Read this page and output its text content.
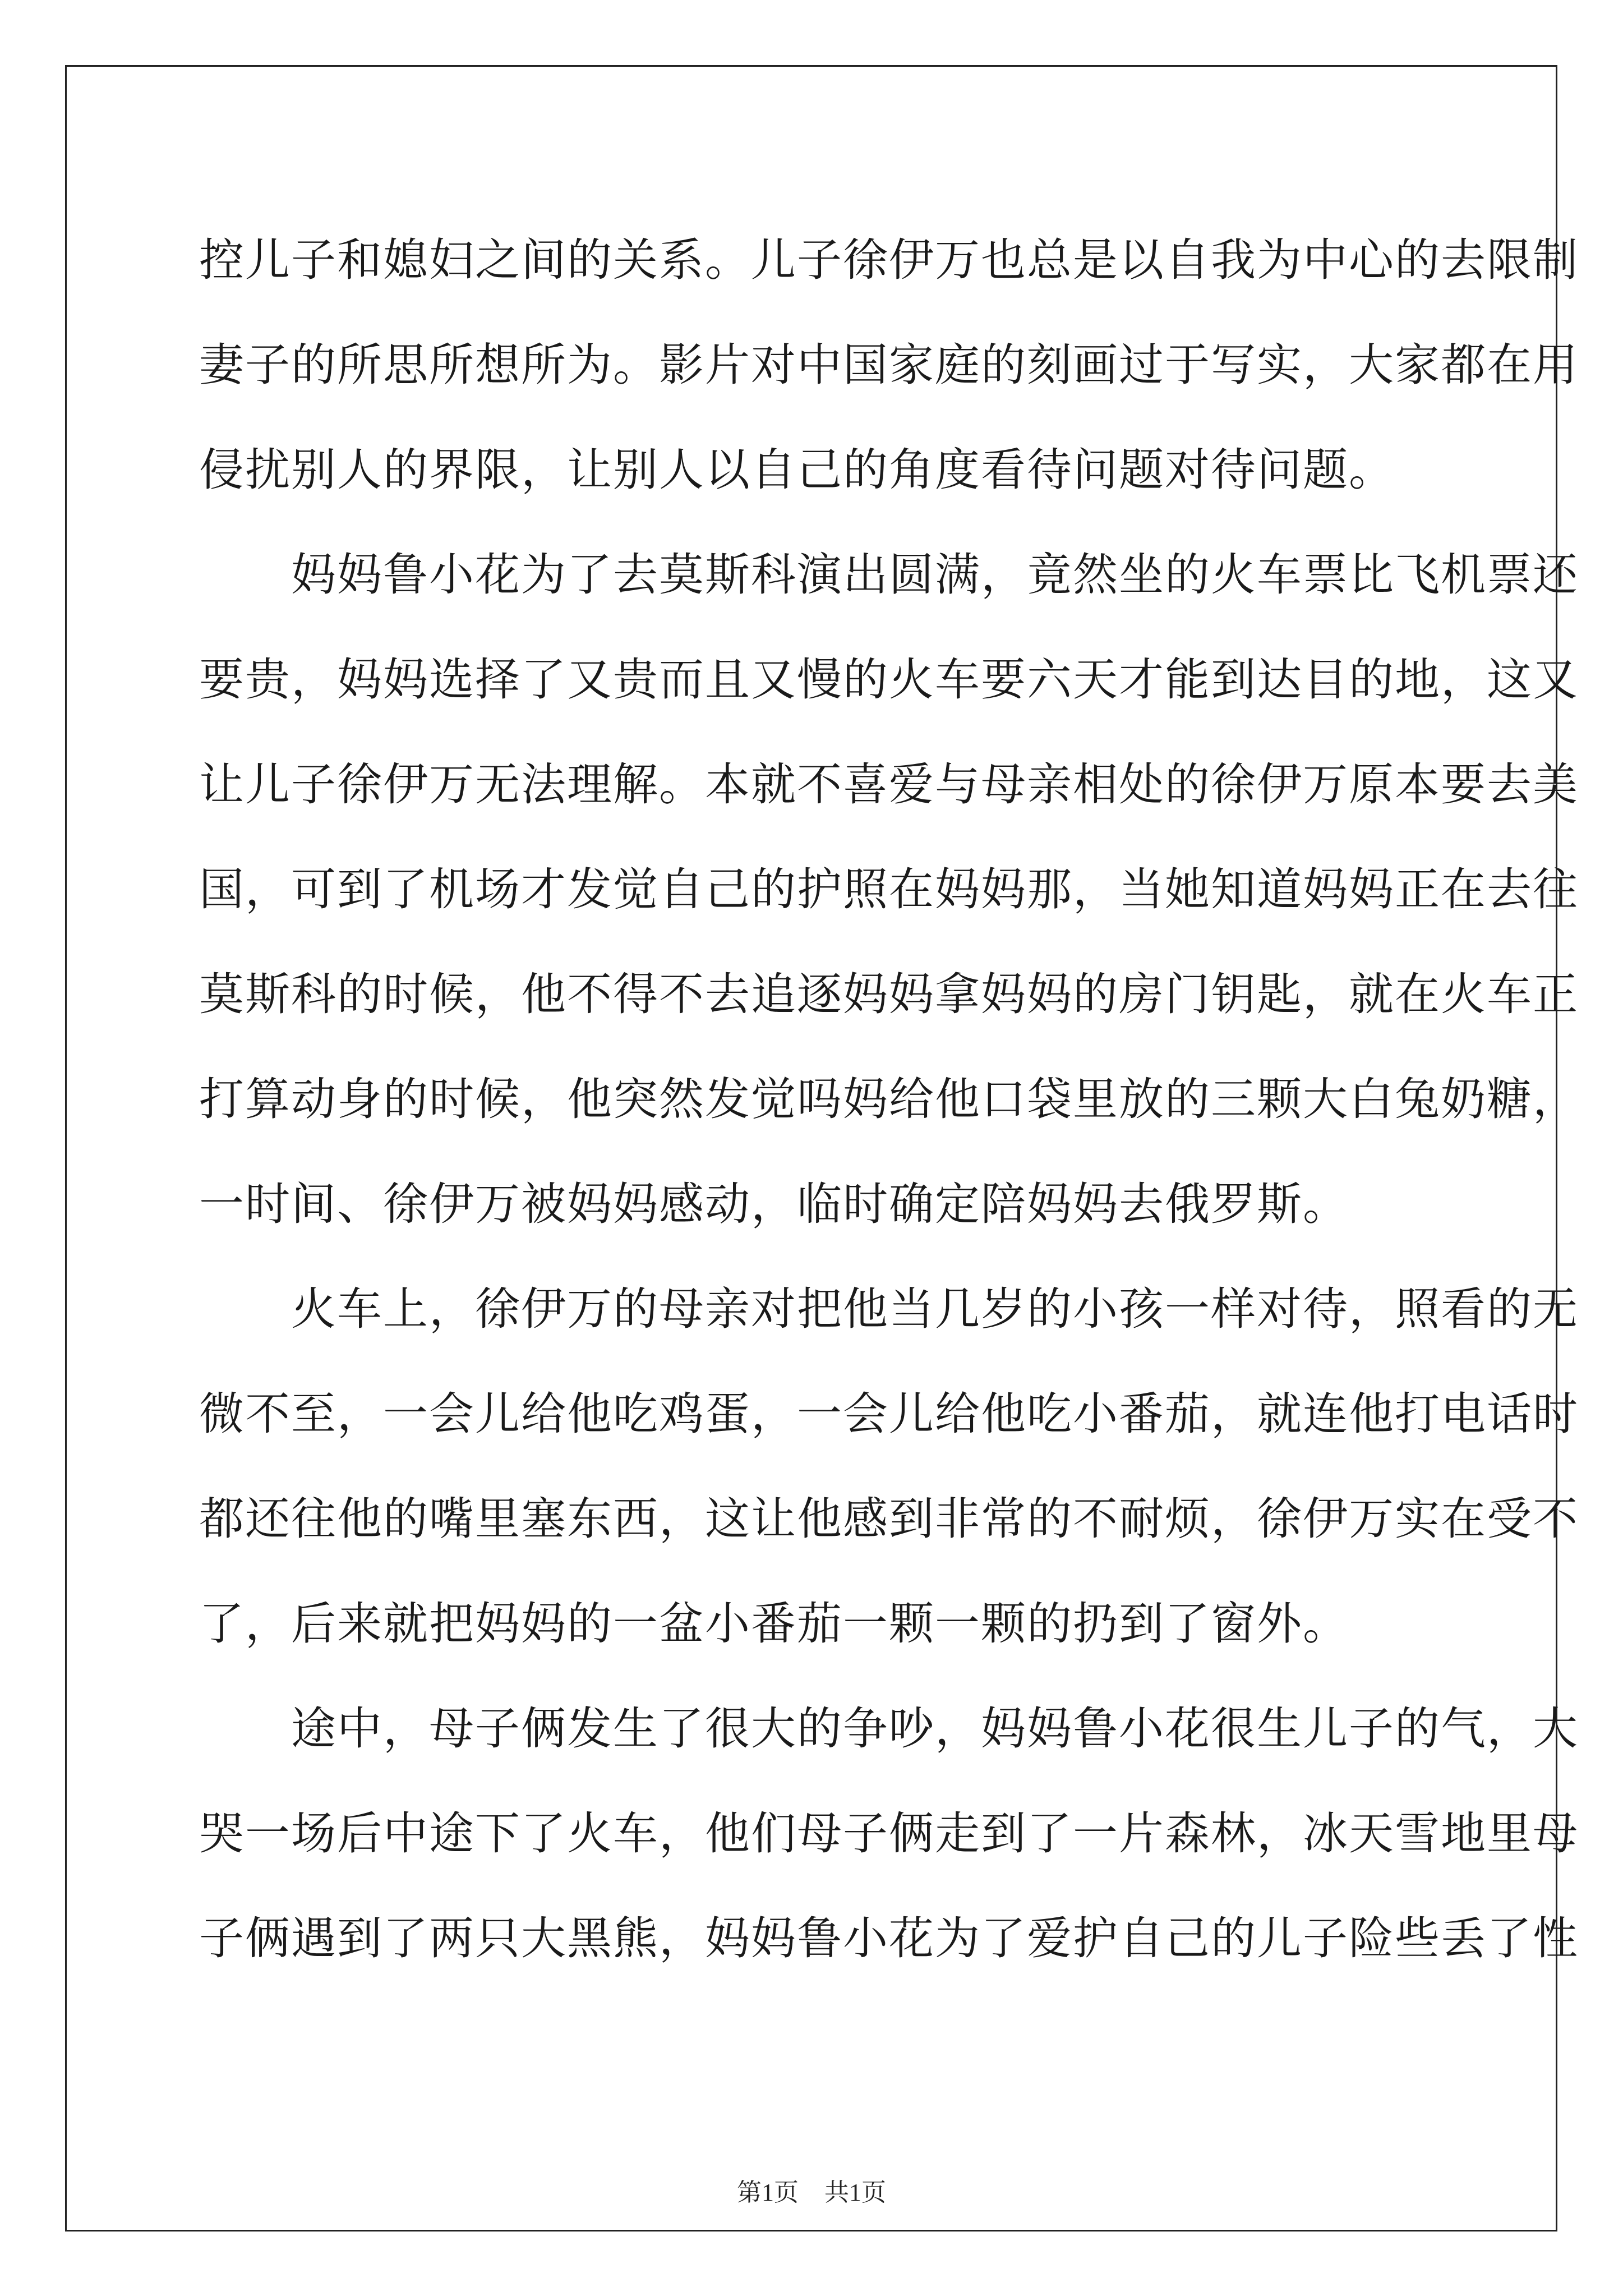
控儿子和媳妇之间的关系。儿子徐伊万也总是以自我为中心的去限制
妻子的所思所想所为。影片对中国家庭的刻画过于写实，大家都在用
侵扰别人的界限，让别人以自己的角度看待问题对待问题。
　　妈妈鲁小花为了去莫斯科演出圆满，竟然坐的火车票比飞机票还
要贵，妈妈选择了又贵而且又慢的火车要六天才能到达目的地，这又
让儿子徐伊万无法理解。本就不喜爱与母亲相处的徐伊万原本要去美
国，可到了机场才发觉自己的护照在妈妈那，当她知道妈妈正在去往
莫斯科的时候，他不得不去追逐妈妈拿妈妈的房门钥匙，就在火车正
打算动身的时候，他突然发觉吗妈给他口袋里放的三颗大白兔奶糖，
一时间、徐伊万被妈妈感动，临时确定陪妈妈去俄罗斯。
　　火车上，徐伊万的母亲对把他当几岁的小孩一样对待，照看的无
微不至，一会儿给他吃鸡蛋，一会儿给他吃小番茄，就连他打电话时
都还往他的嘴里塞东西，这让他感到非常的不耐烦，徐伊万实在受不
了，后来就把妈妈的一盆小番茄一颗一颗的扔到了窗外。
　　途中，母子俩发生了很大的争吵，妈妈鲁小花很生儿子的气，大
哭一场后中途下了火车，他们母子俩走到了一片森林，冰天雪地里母
子俩遇到了两只大黑熊，妈妈鲁小花为了爱护自己的儿子险些丢了性
第1页 共1页
